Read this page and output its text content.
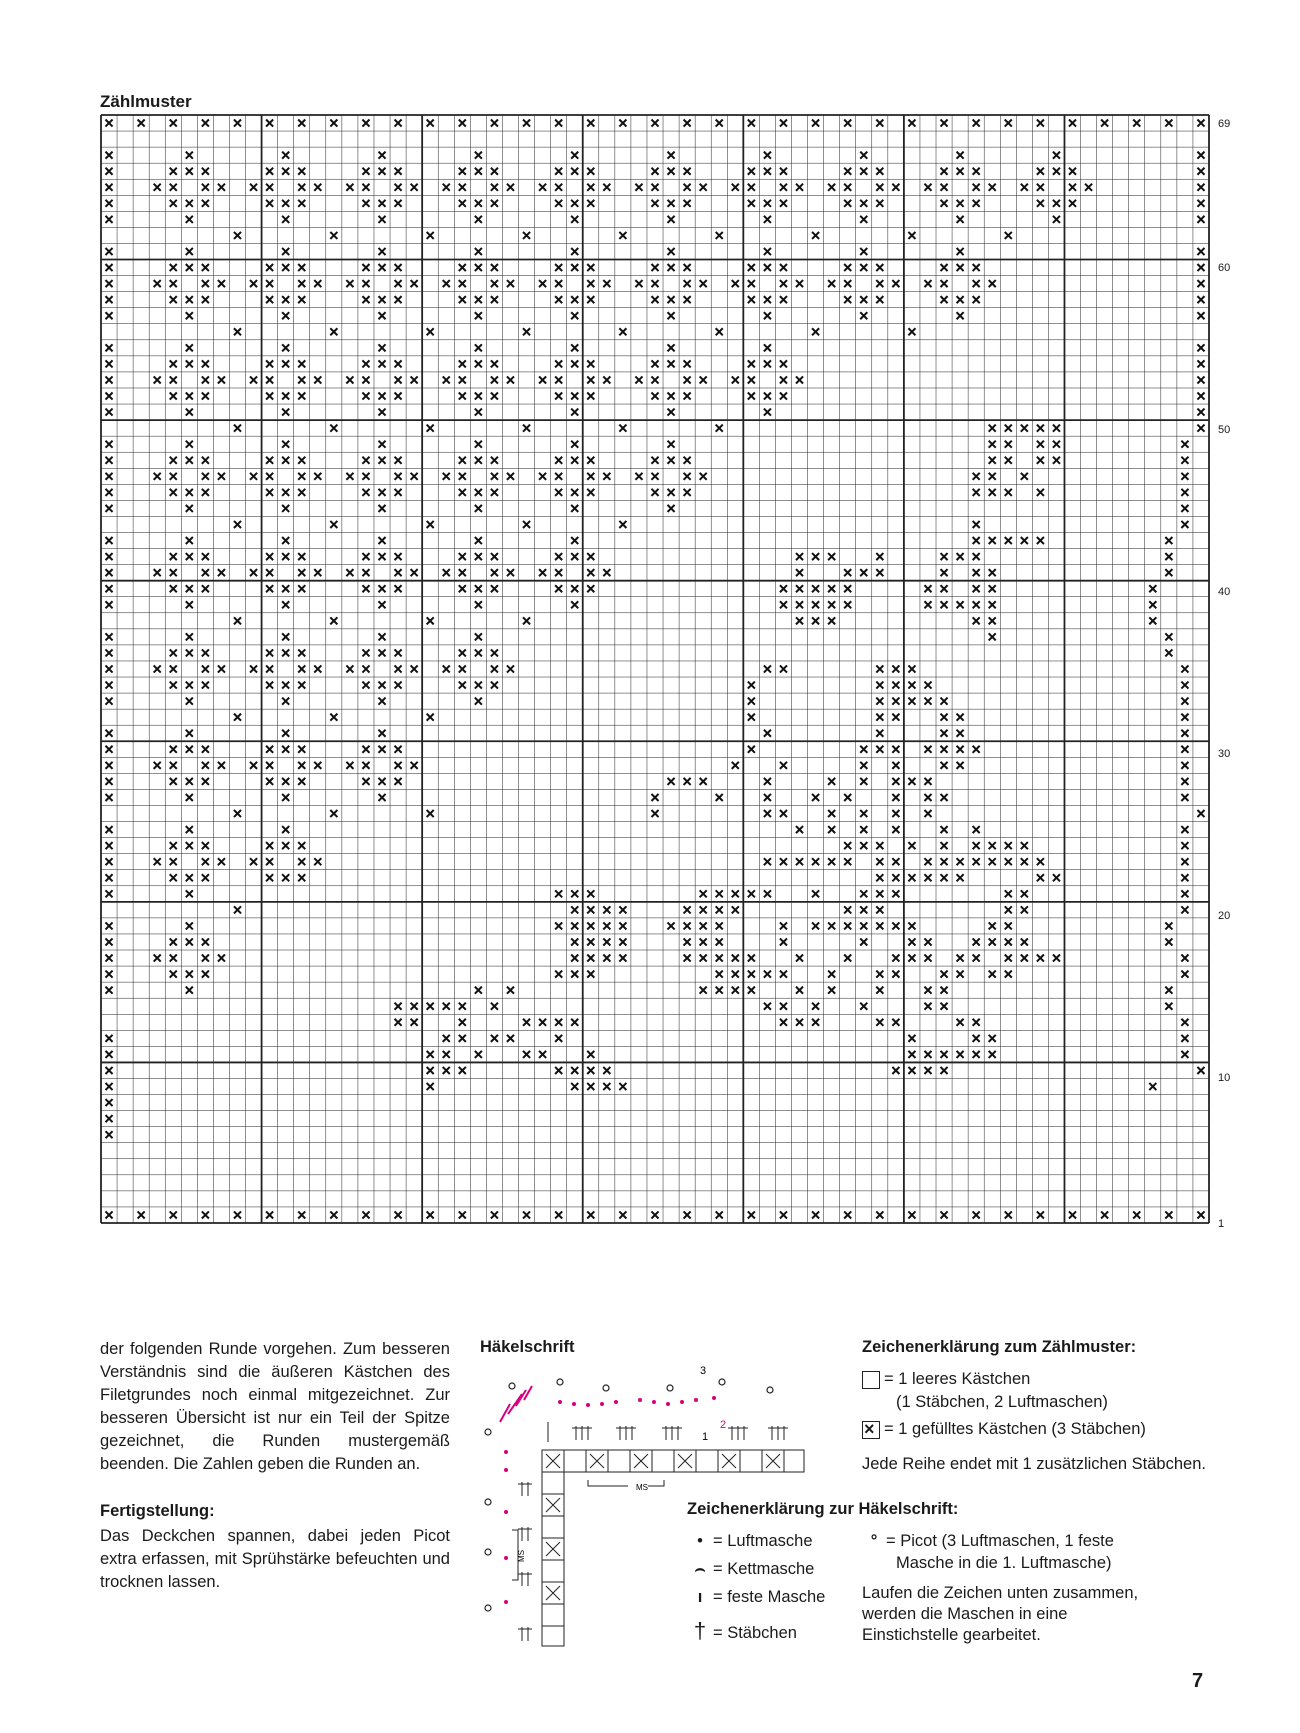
Zählmuster
69
60
50
40
30
20
10
1
der folgenden Runde vorgehen. Zum besseren Verständnis sind die äußeren Kästchen des Filetgrundes noch einmal mitgezeichnet. Zur besseren Übersicht ist nur ein Teil der Spitze gezeichnet, die Runden mustergemäß beenden. Die Zahlen geben die Runden an.
Fertigstellung:
Das Deckchen spannen, dabei jeden Picot extra erfassen, mit Sprühstärke befeuchten und trocknen lassen.
Häkelschrift
MS
MS
1
2
3
Zeichenerklärung zum Zählmuster:
= 1 leeres Kästchen
(1 Stäbchen, 2 Luftmaschen)
×= 1 gefülltes Kästchen (3 Stäbchen)
Jede Reihe endet mit 1 zusätzlichen Stäbchen.
Zeichenerklärung zur Häkelschrift:
• = Luftmasche
⌢ = Kettmasche
ı = feste Masche
† = Stäbchen
° = Picot (3 Luftmaschen, 1 feste
Masche in die 1. Luftmasche)
Laufen die Zeichen unten zusammen,
werden die Maschen in eine
Einstichstelle gearbeitet.
7
